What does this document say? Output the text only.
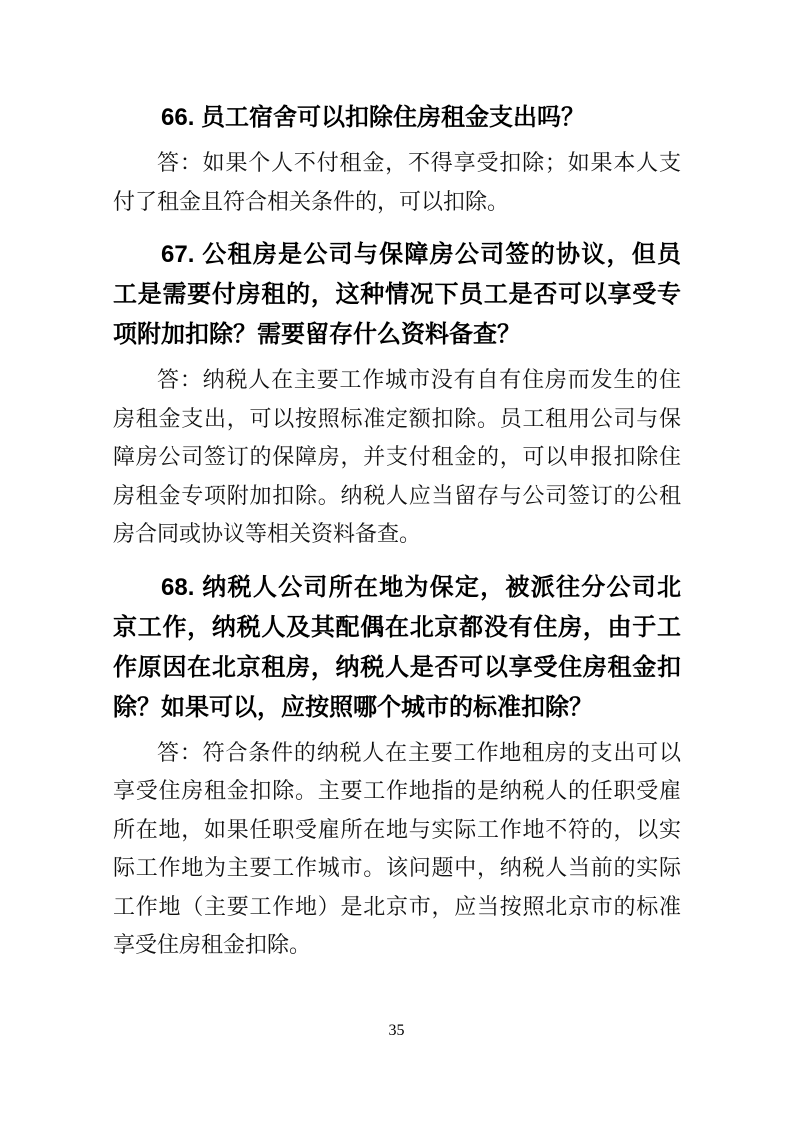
66. 员工宿舍可以扣除住房租金支出吗？

答：如果个人不付租金，不得享受扣除；如果本人支付了租金且符合相关条件的，可以扣除。

67. 公租房是公司与保障房公司签的协议，但员工是需要付房租的，这种情况下员工是否可以享受专项附加扣除？需要留存什么资料备查？

答：纳税人在主要工作城市没有自有住房而发生的住房租金支出，可以按照标准定额扣除。员工租用公司与保障房公司签订的保障房，并支付租金的，可以申报扣除住房租金专项附加扣除。纳税人应当留存与公司签订的公租房合同或协议等相关资料备查。

68. 纳税人公司所在地为保定，被派往分公司北京工作，纳税人及其配偶在北京都没有住房，由于工作原因在北京租房，纳税人是否可以享受住房租金扣除？如果可以，应按照哪个城市的标准扣除？

答：符合条件的纳税人在主要工作地租房的支出可以享受住房租金扣除。主要工作地指的是纳税人的任职受雇所在地，如果任职受雇所在地与实际工作地不符的，以实际工作地为主要工作城市。该问题中，纳税人当前的实际工作地（主要工作地）是北京市，应当按照北京市的标准享受住房租金扣除。

35
